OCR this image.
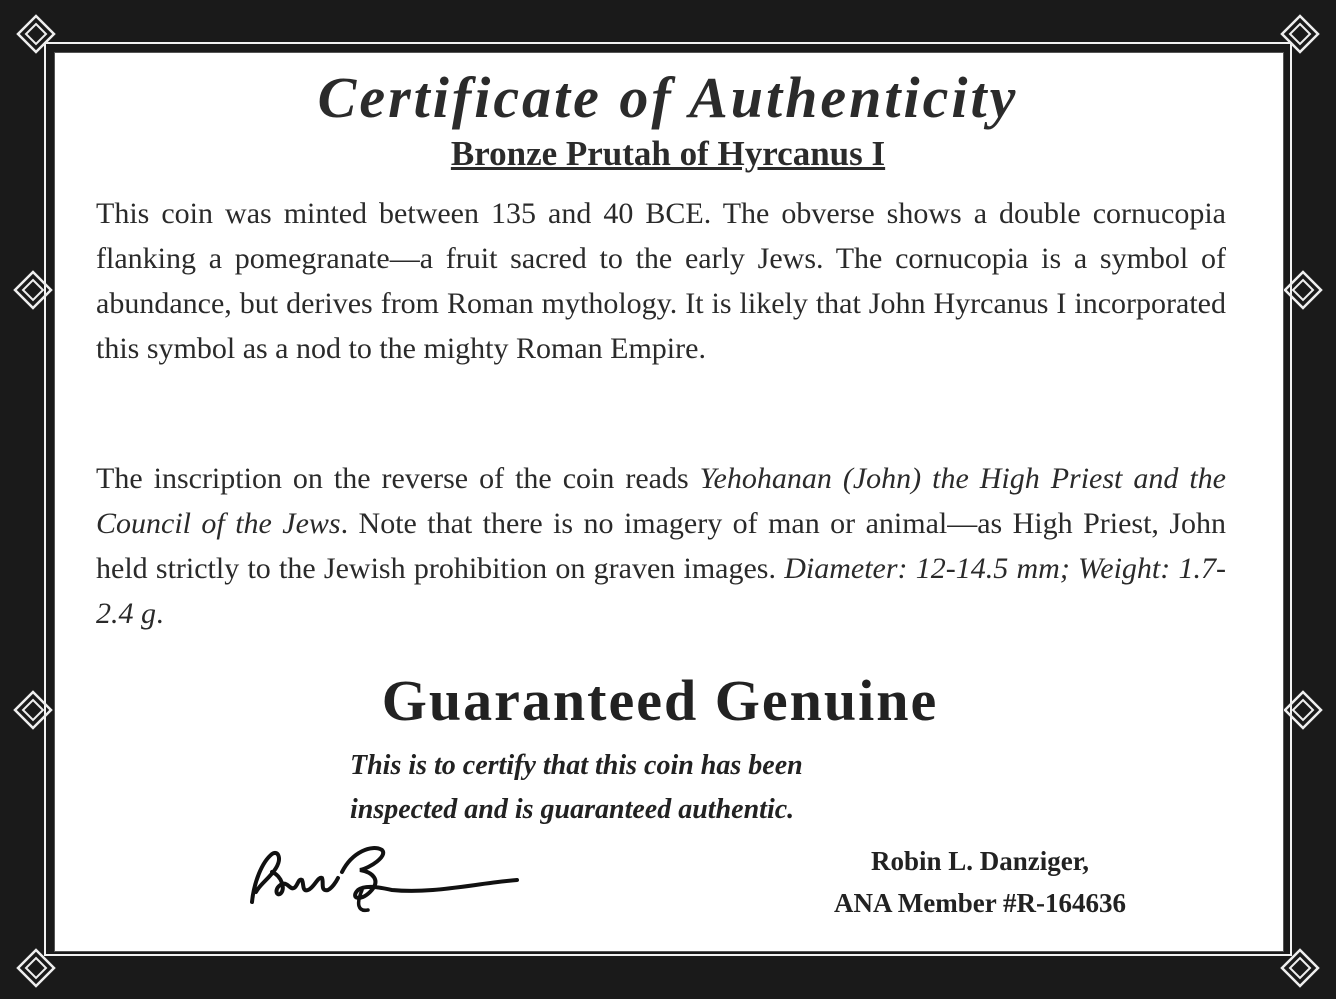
Certificate of Authenticity
Bronze Prutah of Hyrcanus I
This coin was minted between 135 and 40 BCE. The obverse shows a double cornucopia flanking a pomegranate—a fruit sacred to the early Jews. The cornucopia is a symbol of abundance, but derives from Roman mythology. It is likely that John Hyrcanus I incorporated this symbol as a nod to the mighty Roman Empire.
The inscription on the reverse of the coin reads Yehohanan (John) the High Priest and the Council of the Jews. Note that there is no imagery of man or animal—as High Priest, John held strictly to the Jewish prohibition on graven images. Diameter: 12-14.5 mm; Weight: 1.7-2.4 g.
Guaranteed Genuine
This is to certify that this coin has been
inspected and is guaranteed authentic.
Robin L. Danziger,
ANA Member #R-164636
